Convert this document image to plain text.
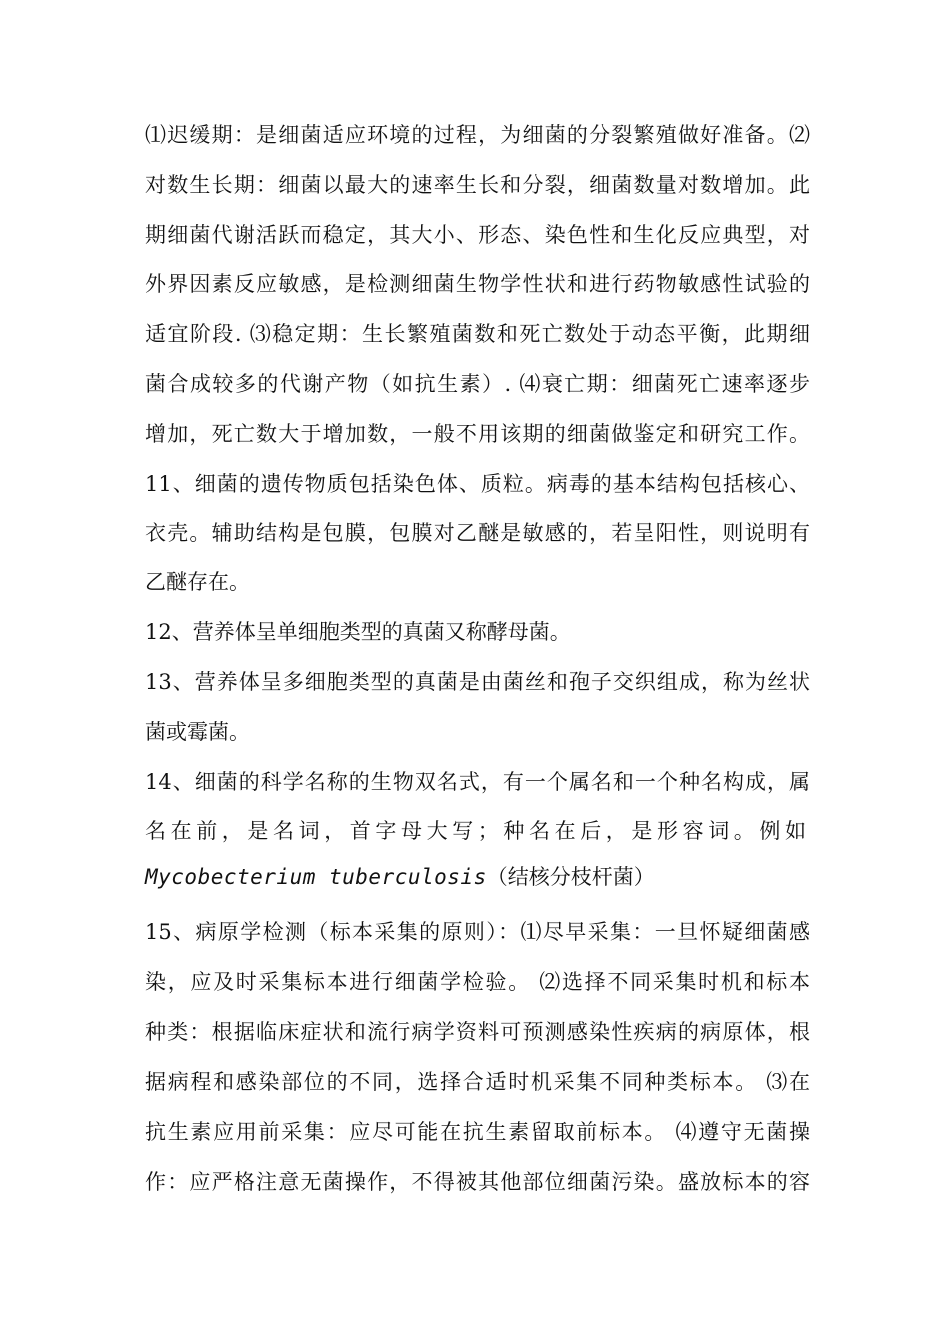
⑴迟缓期：是细菌适应环境的过程，为细菌的分裂繁殖做好准备。⑵
对数生长期：细菌以最大的速率生长和分裂，细菌数量对数增加。此
期细菌代谢活跃而稳定，其大小、形态、染色性和生化反应典型，对
外界因素反应敏感，是检测细菌生物学性状和进行药物敏感性试验的
适宜阶段. ⑶稳定期：生长繁殖菌数和死亡数处于动态平衡，此期细
菌合成较多的代谢产物（如抗生素）. ⑷衰亡期：细菌死亡速率逐步
增加，死亡数大于增加数，一般不用该期的细菌做鉴定和研究工作。
11、细菌的遗传物质包括染色体、质粒。病毒的基本结构包括核心、
衣壳。辅助结构是包膜，包膜对乙醚是敏感的，若呈阳性，则说明有
乙醚存在。
12、营养体呈单细胞类型的真菌又称酵母菌。
13、营养体呈多细胞类型的真菌是由菌丝和孢子交织组成，称为丝状
菌或霉菌。
14、细菌的科学名称的生物双名式，有一个属名和一个种名构成，属
名在前，是名词，首字母大写；种名在后，是形容词。例如
Mycobecterium tuberculosis（结核分枝杆菌）
15、病原学检测（标本采集的原则）：⑴尽早采集：一旦怀疑细菌感
染，应及时采集标本进行细菌学检验。 ⑵选择不同采集时机和标本
种类：根据临床症状和流行病学资料可预测感染性疾病的病原体，根
据病程和感染部位的不同，选择合适时机采集不同种类标本。 ⑶在
抗生素应用前采集：应尽可能在抗生素留取前标本。 ⑷遵守无菌操
作：应严格注意无菌操作，不得被其他部位细菌污染。盛放标本的容
